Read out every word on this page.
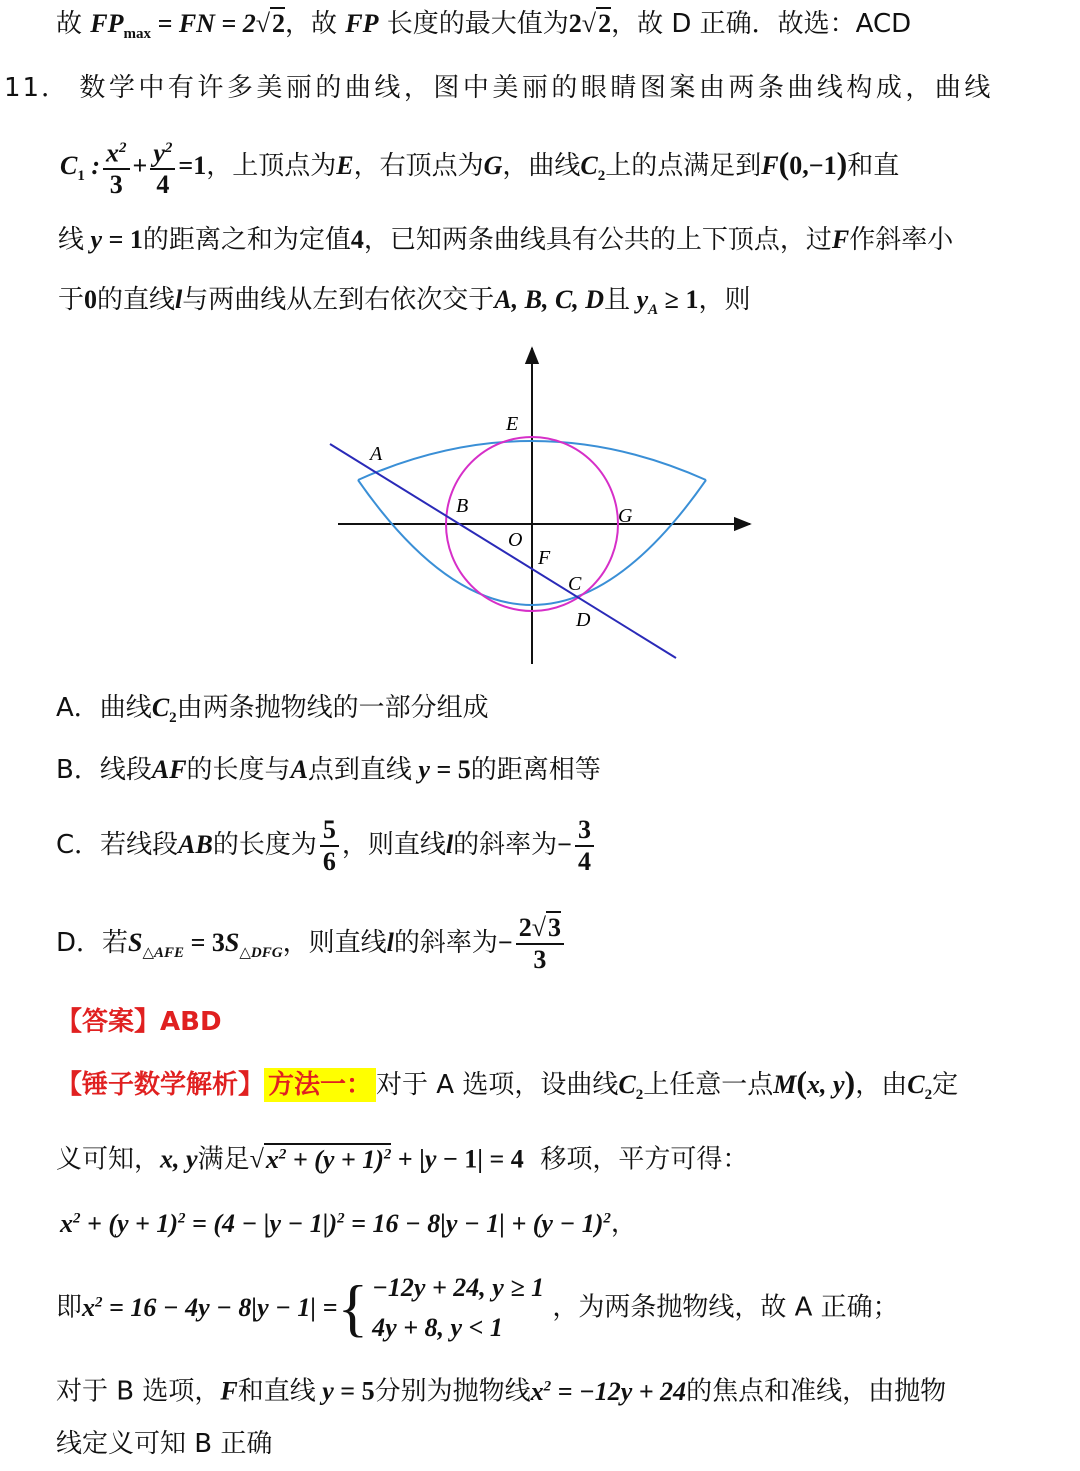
故 $FP_{max}$ = FN = 2√2，故 FP 长度的最大值为2√2，故 D 正确．故选：ACD
11． 数学中有许多美丽的曲线，图中美丽的眼睛图案由两条曲线构成，曲线
$C_1$ : $\frac{x^2}{3} + \frac{y^2}{4} =1$，上顶点为E，右顶点为G，曲线$C_2$上的点满足到F(0,−1)和直
线 y = 1的距离之和为定值4，已知两条曲线具有公共的上下顶点，过F作斜率小
于0的直线l与两曲线从左到右依次交于A, B, C, D且 $y_A \ge 1$，则
E
A
B	G
O
F
C
D
A．曲线$C_2$由两条抛物线的一部分组成
B．线段AF的长度与A点到直线 y = 5的距离相等
C．若线段AB的长度为 $\frac{5}{6}$ ，则直线l的斜率为− $\frac{3}{4}$
D．若$S_{\triangle AFE} = 3S_{\triangle DFG}$，则直线l的斜率为− $\frac{2√3}{3}$
【答案】ABD
【锤子数学解析】 方法一： 对于 A 选项，设曲线$C_2$上任意一点M(x, y)，由$C_2$定
义可知，x, y满足$√x^2 + (y + 1)^2 + |y - 1| = 4$ 移项，平方可得：
$x^2 + (y + 1)^2 = (4 - |y - 1|)^2 = 16 - 8|y - 1| + (y - 1)^2$，
即$x^2 = 16 - 4y - 8|y - 1|$ ={ −12y + 24, y ≥ 1
4y + 8, y < 1
，为两条抛物线，故 A 正确；
对于 B 选项，F和直线 y = 5分别为抛物线$x^2 = -12y + 24$的焦点和准线，由抛物
线定义可知 B 正确
